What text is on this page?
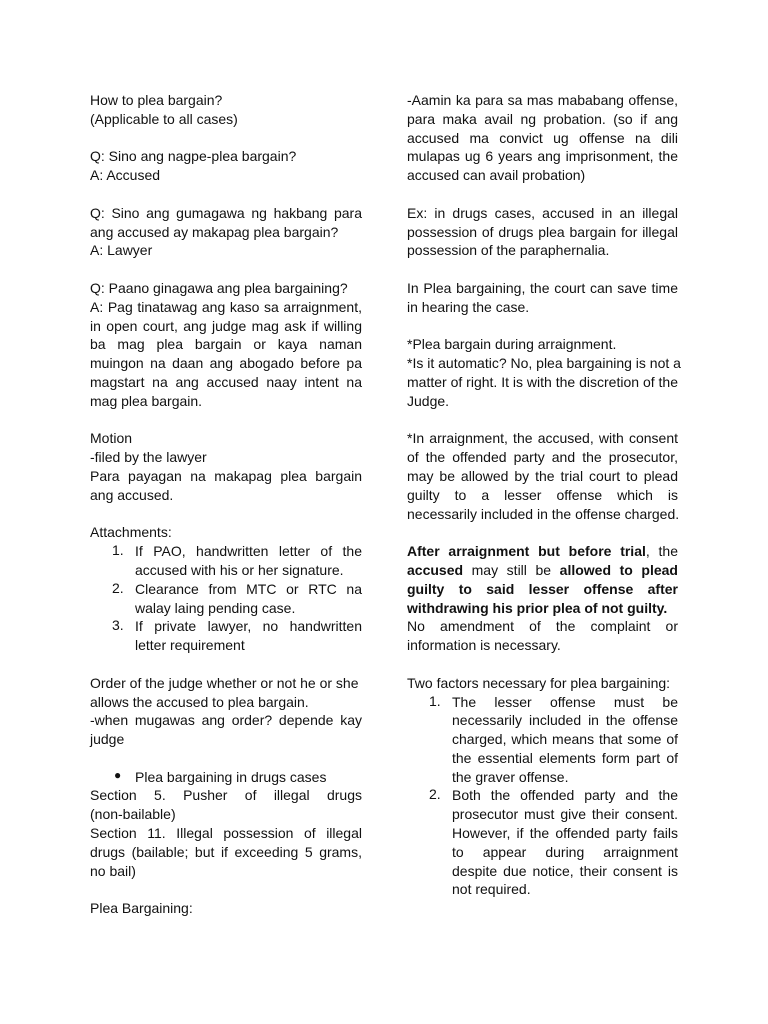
How to plea bargain?
(Applicable to all cases)
Q: Sino ang nagpe-plea bargain?
A: Accused
Q: Sino ang gumagawa ng hakbang para
ang accused ay makapag plea bargain?
A: Lawyer
Q: Paano ginagawa ang plea bargaining?
A: Pag tinatawag ang kaso sa arraignment,
in open court, ang judge mag ask if willing
ba mag plea bargain or kaya naman
muingon na daan ang abogado before pa
magstart na ang accused naay intent na
mag plea bargain.
Motion
-filed by the lawyer
Para payagan na makapag plea bargain
ang accused.
Attachments:
1. If PAO, handwritten letter of the
accused with his or her signature.
2. Clearance from MTC or RTC na
walay laing pending case.
3. If private lawyer, no handwritten
letter requirement
Order of the judge whether or not he or she
allows the accused to plea bargain.
-when mugawas ang order? depende kay
judge
● Plea bargaining in drugs cases
Section 5. Pusher of illegal drugs
(non-bailable)
Section 11. Illegal possession of illegal
drugs (bailable; but if exceeding 5 grams,
no bail)
Plea Bargaining:
-Aamin ka para sa mas mababang offense,
para maka avail ng probation. (so if ang
accused ma convict ug offense na dili
mulapas ug 6 years ang imprisonment, the
accused can avail probation)
Ex: in drugs cases, accused in an illegal
possession of drugs plea bargain for illegal
possession of the paraphernalia.
In Plea bargaining, the court can save time
in hearing the case.
*Plea bargain during arraignment.
*Is it automatic? No, plea bargaining is not a
matter of right. It is with the discretion of the
Judge.
*In arraignment, the accused, with consent
of the offended party and the prosecutor,
may be allowed by the trial court to plead
guilty to a lesser offense which is
necessarily included in the offense charged.
After arraignment but before trial, the
accused may still be allowed to plead
guilty to said lesser offense after
withdrawing his prior plea of not guilty.
No amendment of the complaint or
information is necessary.
Two factors necessary for plea bargaining:
1. The lesser offense must be
necessarily included in the offense
charged, which means that some of
the essential elements form part of
the graver offense.
2. Both the offended party and the
prosecutor must give their consent.
However, if the offended party fails
to appear during arraignment
despite due notice, their consent is
not required.
